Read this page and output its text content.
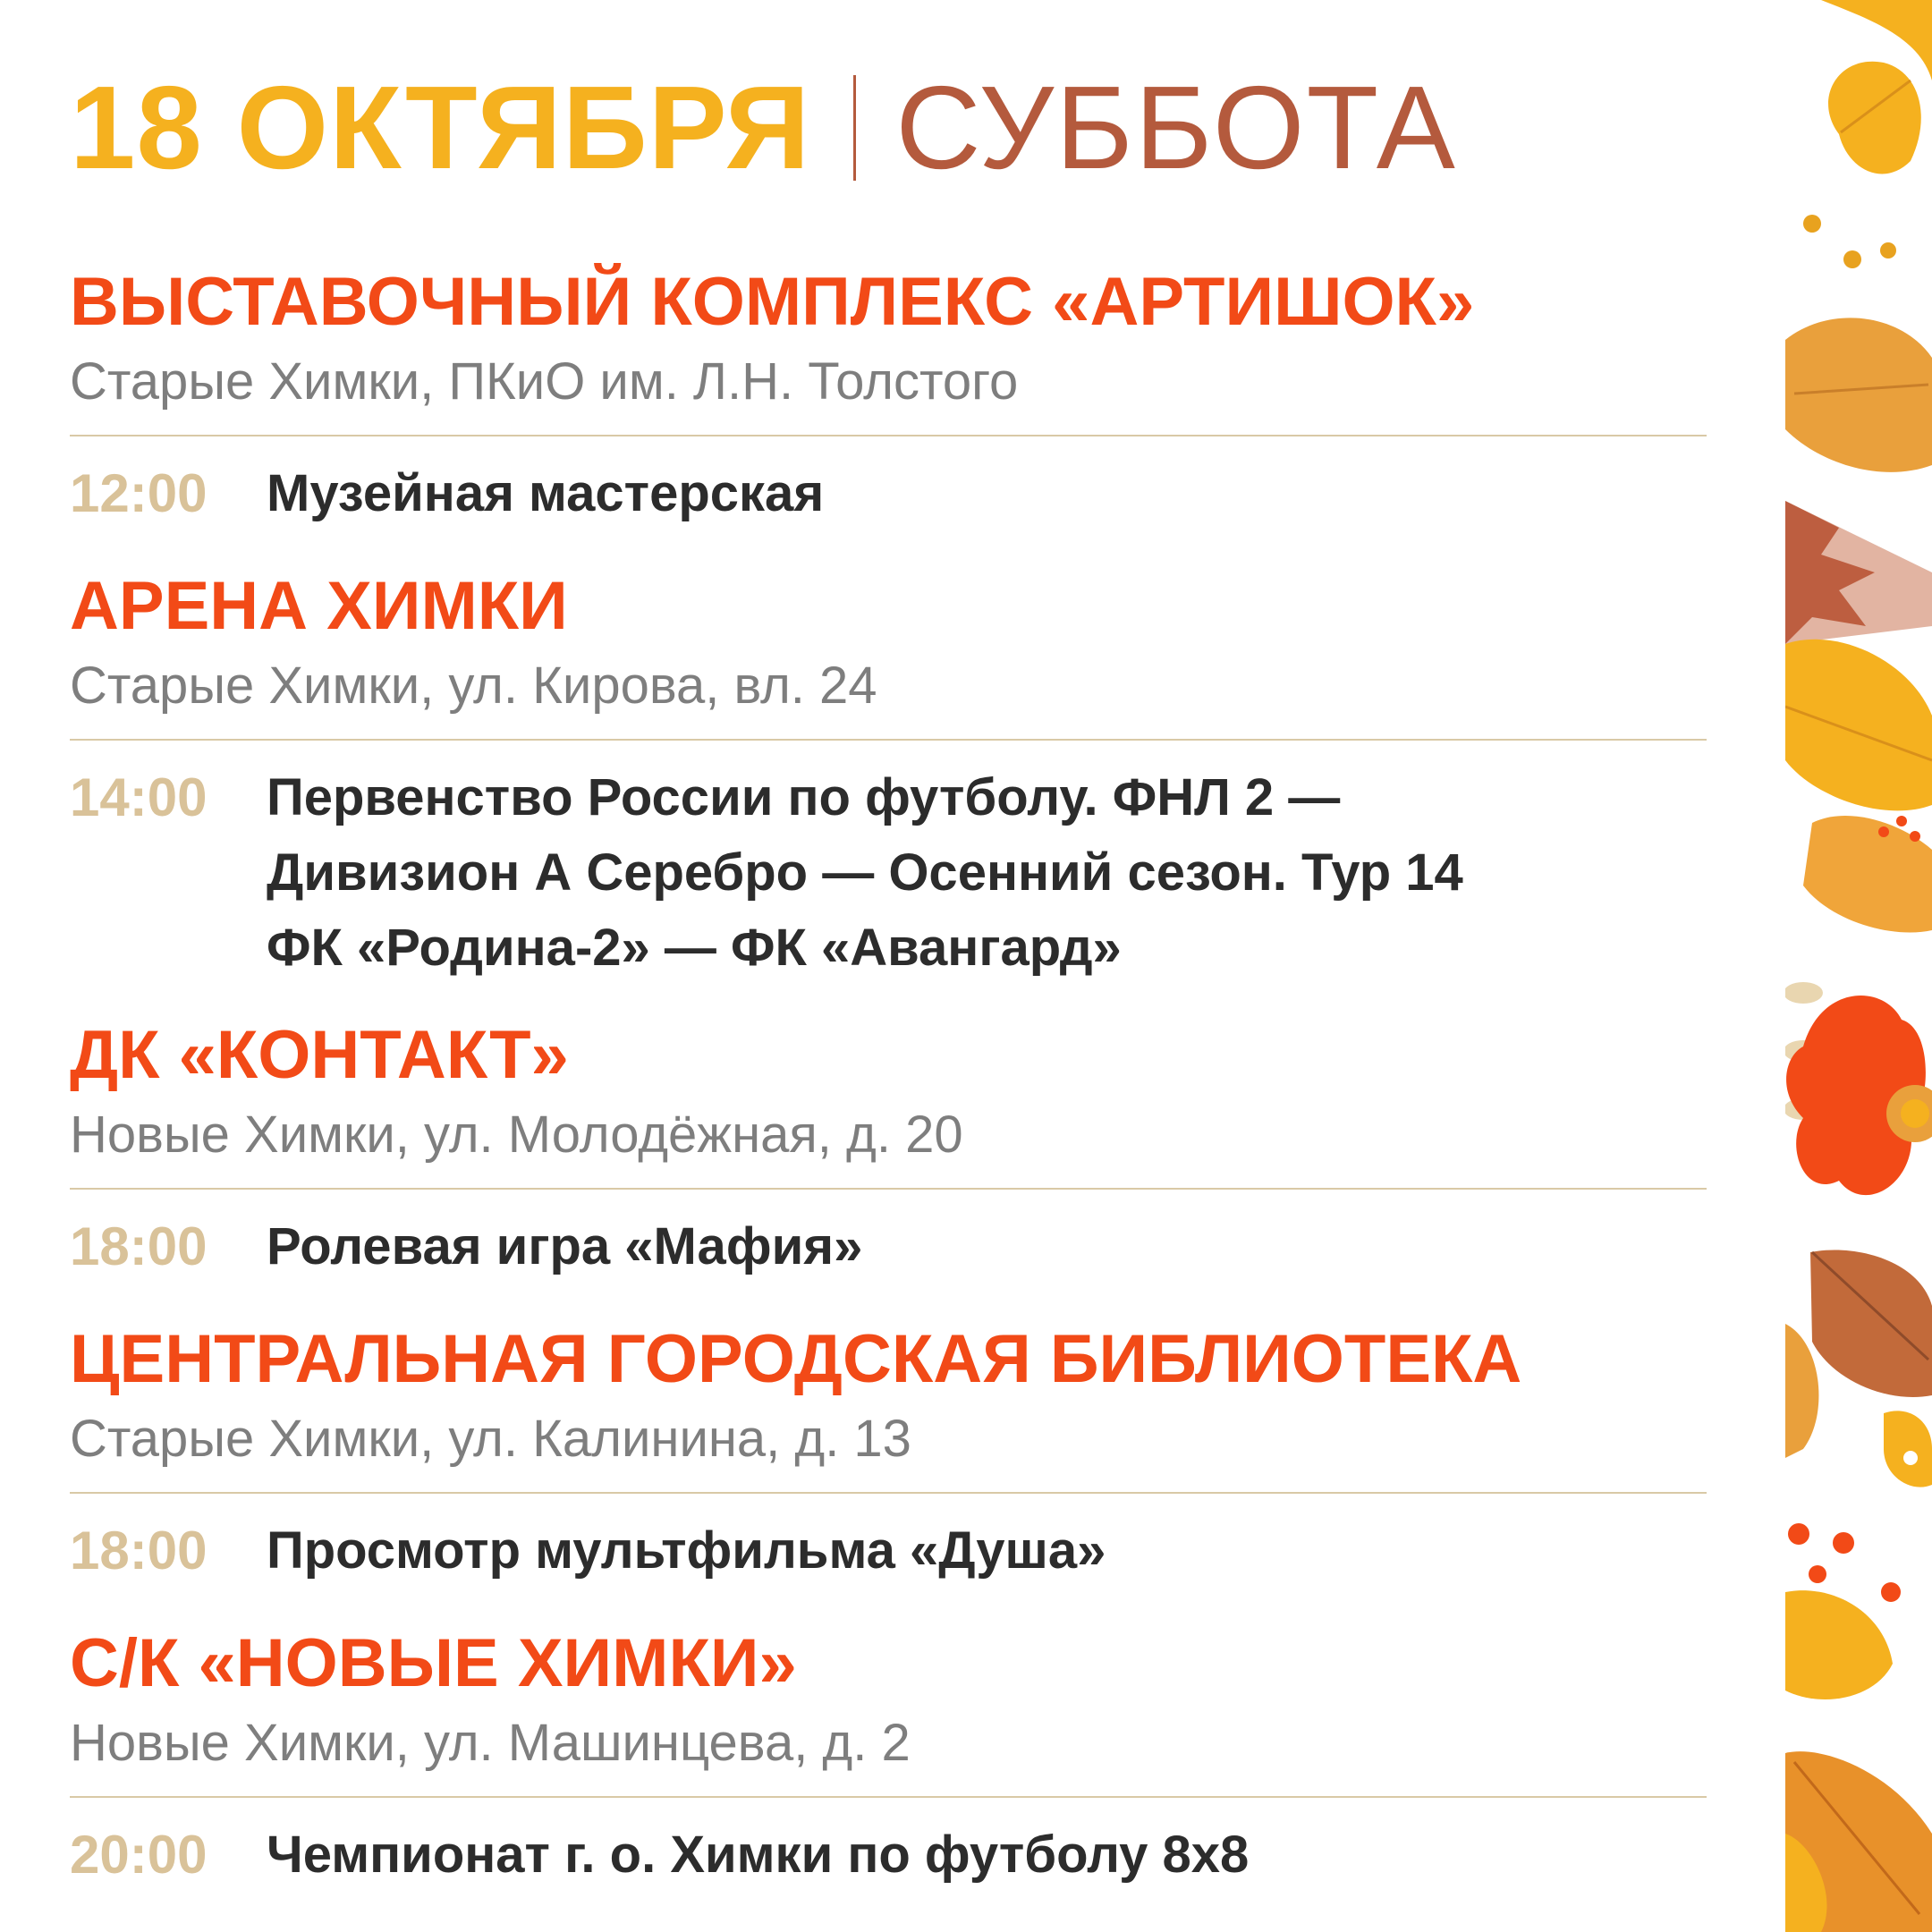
18 ОКТЯБРЯ СУББОТА
ВЫСТАВОЧНЫЙ КОМПЛЕКС «АРТИШОК»
Старые Химки, ПКиО им. Л.Н. Толстого
12:00	Музейная мастерская
АРЕНА ХИМКИ
Старые Химки, ул. Кирова, вл. 24
14:00	Первенство России по футболу. ФНЛ 2 —
Дивизион А Серебро — Осенний сезон. Тур 14
ФК «Родина-2» — ФК «Авангард»
ДК «КОНТАКТ»
Новые Химки, ул. Молодёжная, д. 20
18:00	Ролевая игра «Мафия»
ЦЕНТРАЛЬНАЯ ГОРОДСКАЯ БИБЛИОТЕКА
Старые Химки, ул. Калинина, д. 13
18:00	Просмотр мультфильма «Душа»
С/К «НОВЫЕ ХИМКИ»
Новые Химки, ул. Машинцева, д. 2
20:00	Чемпионат г. о. Химки по футболу 8х8
